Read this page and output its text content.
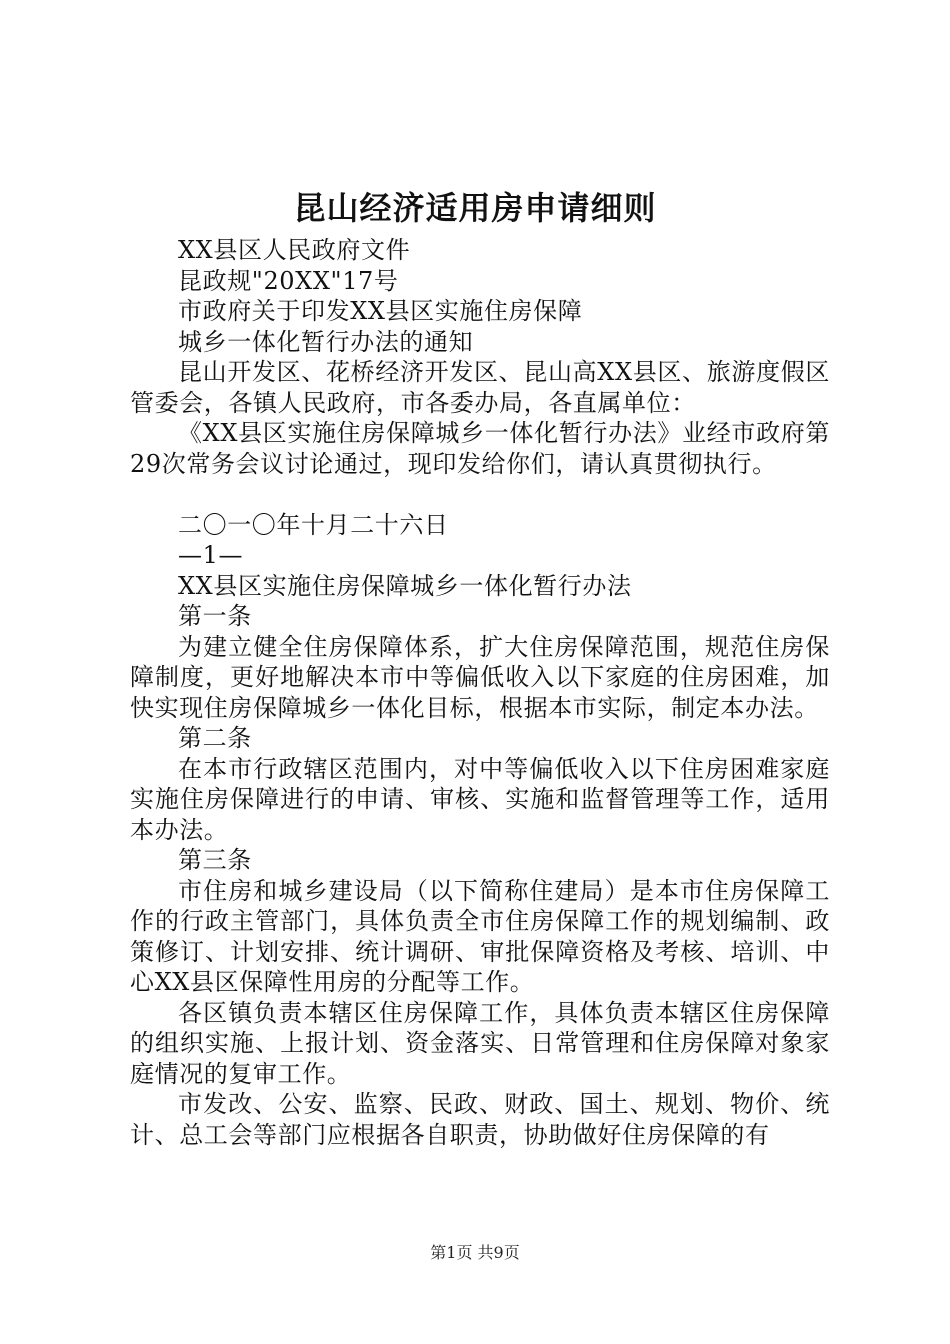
昆山经济适用房申请细则

XX县区人民政府文件

昆政规"20XX"17号

市政府关于印发XX县区实施住房保障

城乡一体化暂行办法的通知

昆山开发区、花桥经济开发区、昆山高XX县区、旅游度假区管委会，各镇人民政府，市各委办局，各直属单位：

《XX县区实施住房保障城乡一体化暂行办法》业经市政府第29次常务会议讨论通过，现印发给你们，请认真贯彻执行。

二〇一〇年十月二十六日

—1—

XX县区实施住房保障城乡一体化暂行办法

第一条

为建立健全住房保障体系，扩大住房保障范围，规范住房保障制度，更好地解决本市中等偏低收入以下家庭的住房困难，加快实现住房保障城乡一体化目标，根据本市实际，制定本办法。

第二条

在本市行政辖区范围内，对中等偏低收入以下住房困难家庭实施住房保障进行的申请、审核、实施和监督管理等工作，适用本办法。

第三条

市住房和城乡建设局（以下简称住建局）是本市住房保障工作的行政主管部门，具体负责全市住房保障工作的规划编制、政策修订、计划安排、统计调研、审批保障资格及考核、培训、中心XX县区保障性用房的分配等工作。

各区镇负责本辖区住房保障工作，具体负责本辖区住房保障的组织实施、上报计划、资金落实、日常管理和住房保障对象家庭情况的复审工作。

市发改、公安、监察、民政、财政、国土、规划、物价、统计、总工会等部门应根据各自职责，协助做好住房保障的有

第1页 共9页
